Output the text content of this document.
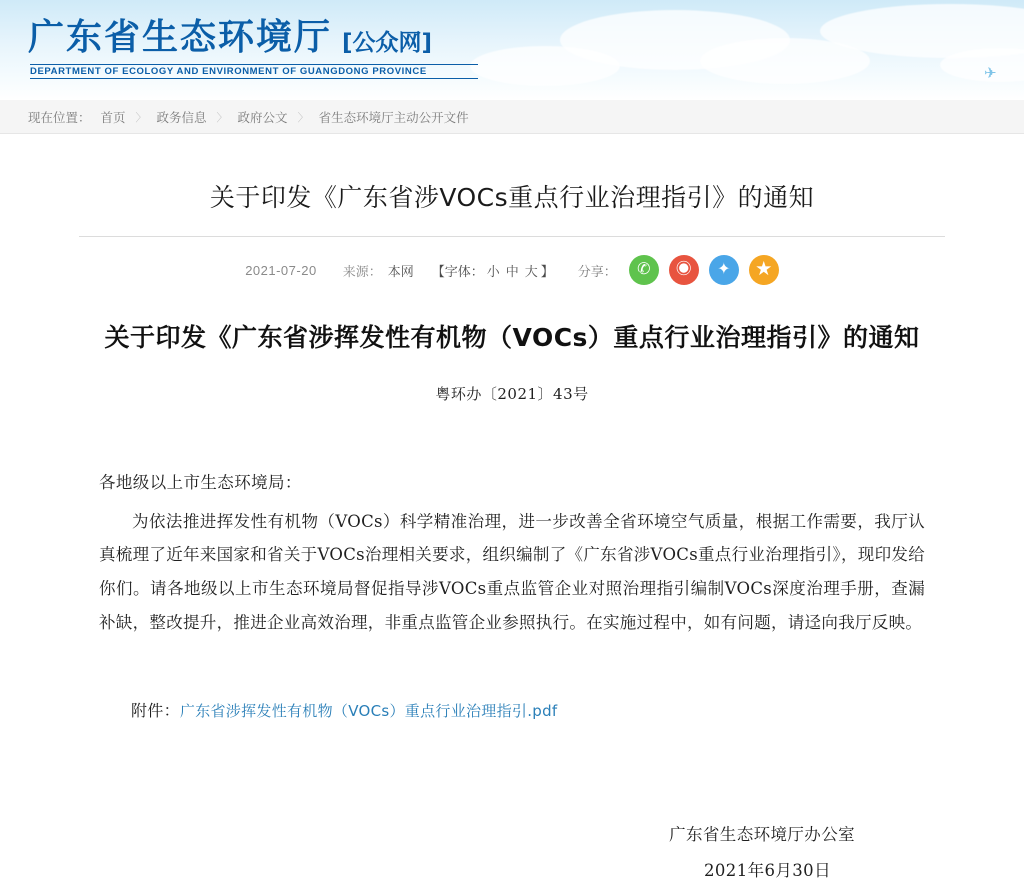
广东省生态环境厅 [公众网]
DEPARTMENT OF ECOLOGY AND ENVIRONMENT OF GUANGDONG PROVINCE	✈
现在位置： 首页 〉 政务信息 〉 政府公文 〉 省生态环境厅主动公开文件
关于印发《广东省涉VOCs重点行业治理指引》的通知
2021-07-20 来源： 本网 【字体： 小 中 大 】 分享：	✆	◉	✦	★
关于印发《广东省涉挥发性有机物（VOCs）重点行业治理指引》的通知
粤环办〔2021〕43号

各地级以上市生态环境局：

为依法推进挥发性有机物（VOCs）科学精准治理，进一步改善全省环境空气质量，根据工作需要，我厅认真梳理了近年来国家和省关于VOCs治理相关要求，组织编制了《广东省涉VOCs重点行业治理指引》，现印发给你们。请各地级以上市生态环境局督促指导涉VOCs重点监管企业对照治理指引编制VOCs深度治理手册，查漏补缺，整改提升，推进企业高效治理，非重点监管企业参照执行。在实施过程中，如有问题，请迳向我厅反映。

附件：广东省涉挥发性有机物（VOCs）重点行业治理指引.pdf
广东省生态环境厅办公室
2021年6月30日
